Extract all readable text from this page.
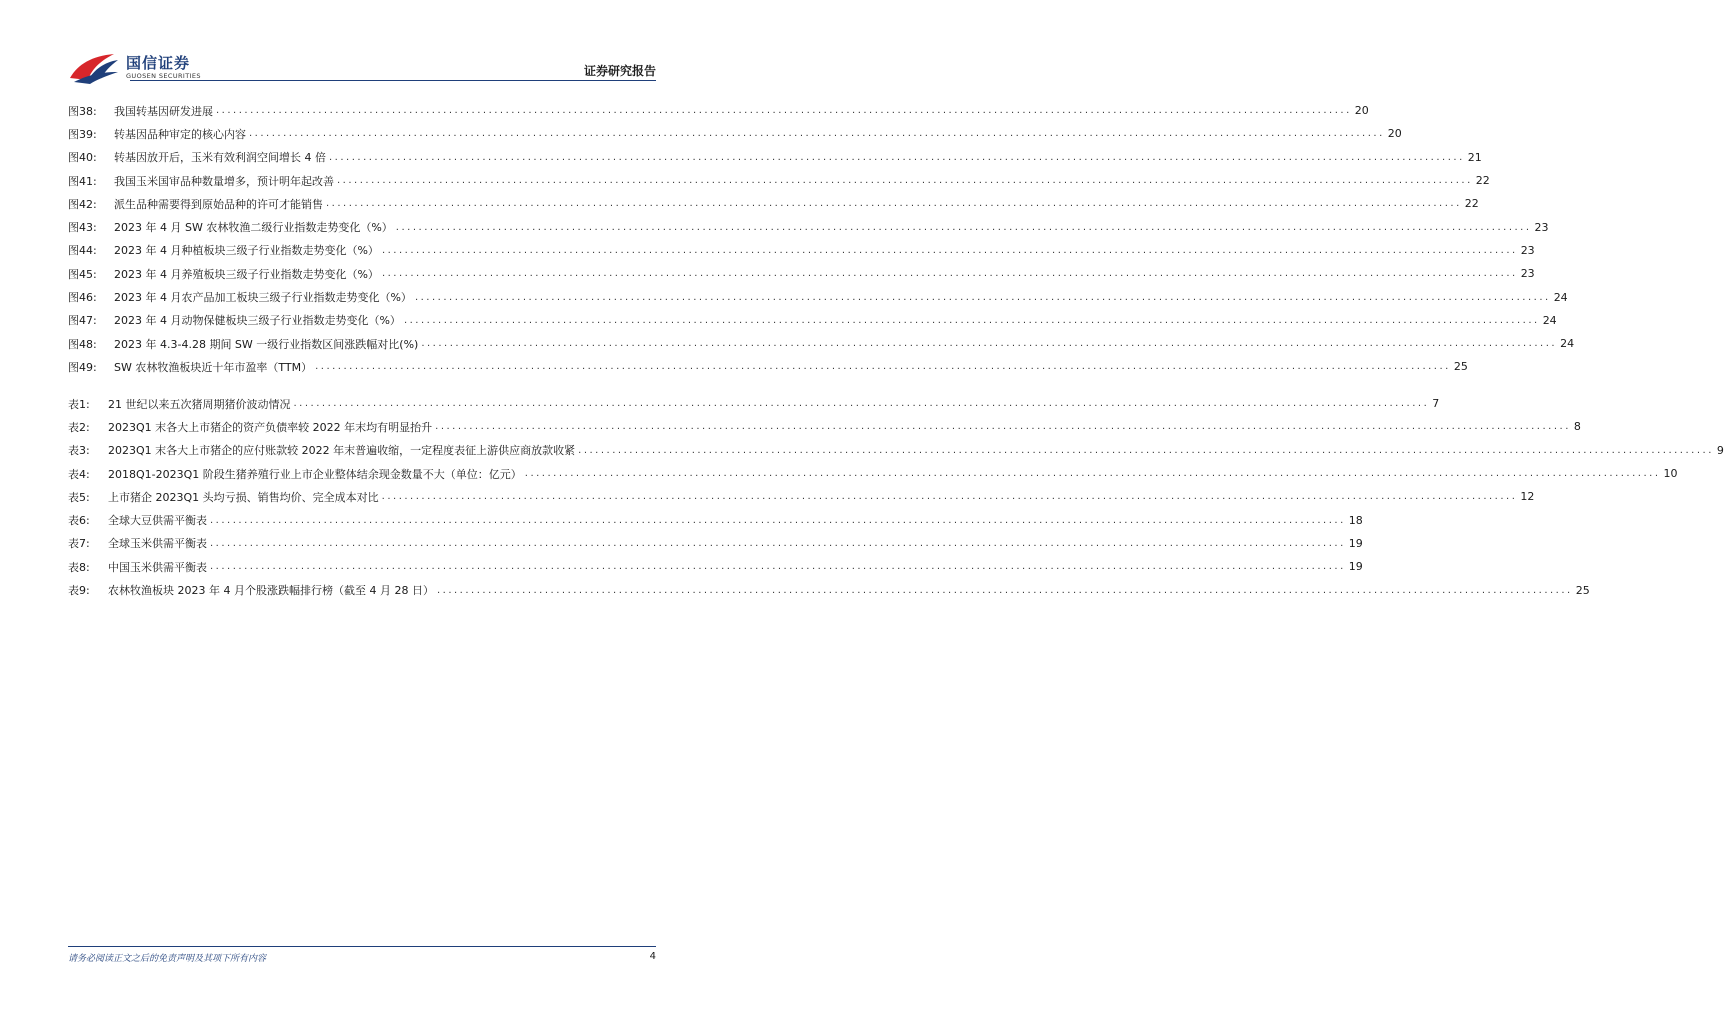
国信证券
GUOSEN SECURITIES	证券研究报告
图38:	我国转基因研发进展 ........................................................................................................................................................................................................ 20
图39:	转基因品种审定的核心内容 ........................................................................................................................................................................................................ 20
图40:	转基因放开后，玉米有效利润空间增长 4 倍 ........................................................................................................................................................................................................ 21
图41:	我国玉米国审品种数量增多，预计明年起改善 ........................................................................................................................................................................................................ 22
图42:	派生品种需要得到原始品种的许可才能销售 ........................................................................................................................................................................................................ 22
图43:	2023 年 4 月 SW 农林牧渔二级行业指数走势变化（%） ........................................................................................................................................................................................................ 23
图44:	2023 年 4 月种植板块三级子行业指数走势变化（%） ........................................................................................................................................................................................................ 23
图45:	2023 年 4 月养殖板块三级子行业指数走势变化（%） ........................................................................................................................................................................................................ 23
图46:	2023 年 4 月农产品加工板块三级子行业指数走势变化（%） ........................................................................................................................................................................................................ 24
图47:	2023 年 4 月动物保健板块三级子行业指数走势变化（%） ........................................................................................................................................................................................................ 24
图48:	2023 年 4.3-4.28 期间 SW 一级行业指数区间涨跌幅对比(%) ........................................................................................................................................................................................................ 24
图49:	SW 农林牧渔板块近十年市盈率（TTM） ........................................................................................................................................................................................................ 25
表1:	21 世纪以来五次猪周期猪价波动情况 ........................................................................................................................................................................................................ 7
表2:	2023Q1 末各大上市猪企的资产负债率较 2022 年末均有明显抬升 ........................................................................................................................................................................................................ 8
表3:	2023Q1 末各大上市猪企的应付账款较 2022 年末普遍收缩，一定程度表征上游供应商放款收紧 ........................................................................................................................................................................................................ 9
表4:	2018Q1-2023Q1 阶段生猪养殖行业上市企业整体结余现金数量不大（单位：亿元） ........................................................................................................................................................................................................ 10
表5:	上市猪企 2023Q1 头均亏损、销售均价、完全成本对比 ........................................................................................................................................................................................................ 12
表6:	全球大豆供需平衡表 ........................................................................................................................................................................................................ 18
表7:	全球玉米供需平衡表 ........................................................................................................................................................................................................ 19
表8:	中国玉米供需平衡表 ........................................................................................................................................................................................................ 19
表9:	农林牧渔板块 2023 年 4 月个股涨跌幅排行榜（截至 4 月 28 日） ........................................................................................................................................................................................................ 25
请务必阅读正文之后的免责声明及其项下所有内容	4
